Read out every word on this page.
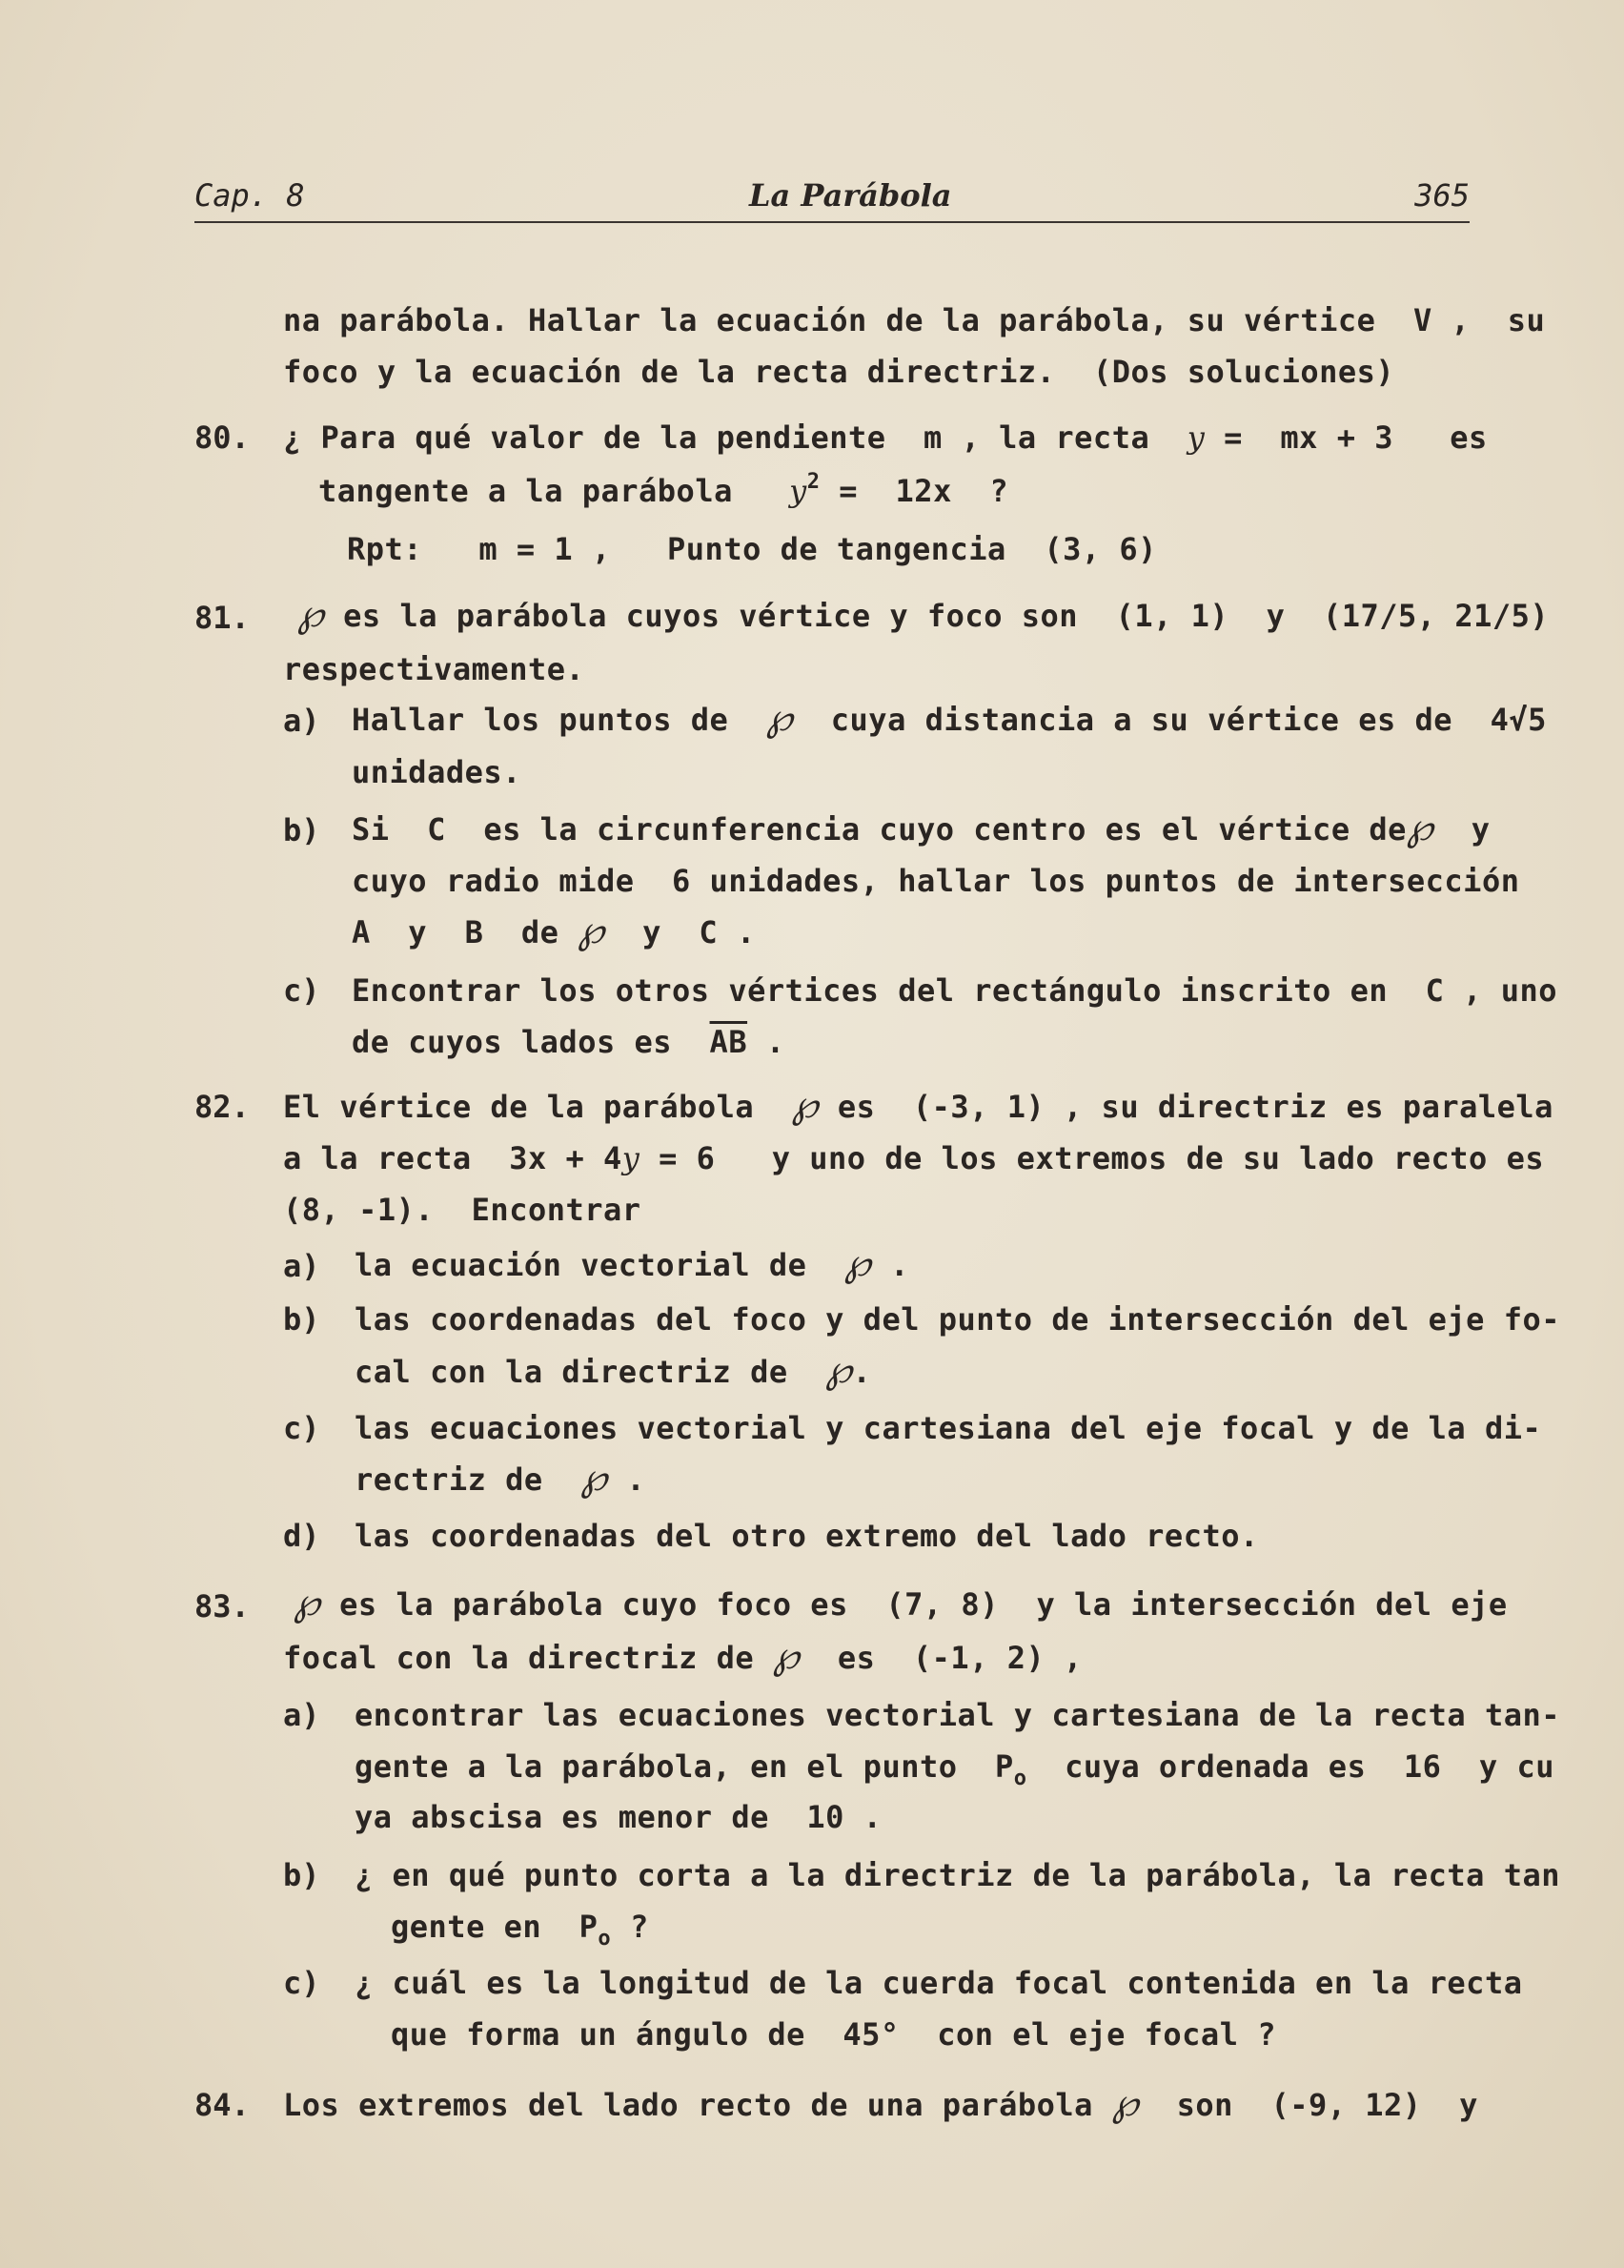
Cap. 8	La Parábola	365
na parábola. Hallar la ecuación de la parábola, su vértice  V ,  su
foco y la ecuación de la recta directriz.  (Dos soluciones)
80. ¿ Para qué valor de la pendiente  m , la recta y =  mx + 3   es
tangente a la parábola $y^2 = 12x$  ?
Rpt:   m = 1 ,   Punto de tangencia  (3, 6)
81. ℘ es la parábola cuyos vértice y foco son  (1, 1)  y  (17/5, 21/5)
respectivamente.
a) Hallar los puntos de ℘ cuya distancia a su vértice es de  4√5
unidades.
b) Si  C  es la circunferencia cuyo centro es el vértice de℘ y
cuyo radio mide  6 unidades, hallar los puntos de intersección
A  y  B  de ℘ y  C .
c) Encontrar los otros vértices del rectángulo inscrito en  C , uno
de cuyos lados es $\overline{AB}$ .
82. El vértice de la parábola ℘ es  (-3, 1) , su directriz es paralela
a la recta  3x + 4y = 6   y uno de los extremos de su lado recto es
(8, -1).  Encontrar
a) la ecuación vectorial de ℘ .
b) las coordenadas del foco y del punto de intersección del eje fo-
cal con la directriz de ℘.
c) las ecuaciones vectorial y cartesiana del eje focal y de la di-
rectriz de ℘ .
d) las coordenadas del otro extremo del lado recto.
83. ℘ es la parábola cuyo foco es  (7, 8)  y la intersección del eje
focal con la directriz de ℘ es  (-1, 2) ,
a) encontrar las ecuaciones vectorial y cartesiana de la recta tan-
gente a la parábola, en el punto  $P_o$  cuya ordenada es  16  y cu
ya abscisa es menor de  10 .
b) ¿ en qué punto corta a la directriz de la parábola, la recta tan
gente en  $P_o$ ?
c) ¿ cuál es la longitud de la cuerda focal contenida en la recta
que forma un ángulo de  45°  con el eje focal ?
84. Los extremos del lado recto de una parábola ℘ son  (-9, 12)  y
